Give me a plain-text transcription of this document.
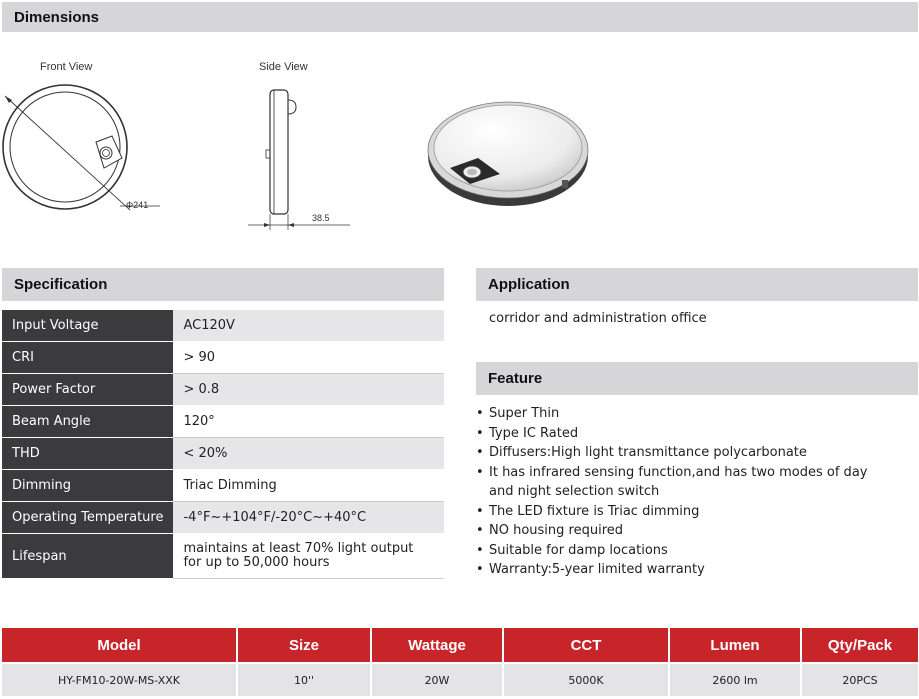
Dimensions
Front View	Side View
Φ241
38.5
Specification
Input Voltage	AC120V
CRI	> 90
Power Factor	> 0.8
Beam Angle	120°
THD	< 20%
Dimming	Triac Dimming
Operating Temperature	-4°F~+104°F/-20°C~+40°C
Lifespan	maintains at least 70% light output for up to 50,000 hours
Application
corridor and administration office
Feature
• Super Thin
• Type IC Rated
• Diffusers:High light transmittance polycarbonate
• It has infrared sensing function,and has two modes of day and night selection switch
• The LED fixture is Triac dimming
• NO housing required
• Suitable for damp locations
• Warranty:5-year limited warranty
Model	Size	Wattage	CCT	Lumen	Qty/Pack
HY-FM10-20W-MS-XXK	10''	20W	5000K	2600 lm	20PCS
